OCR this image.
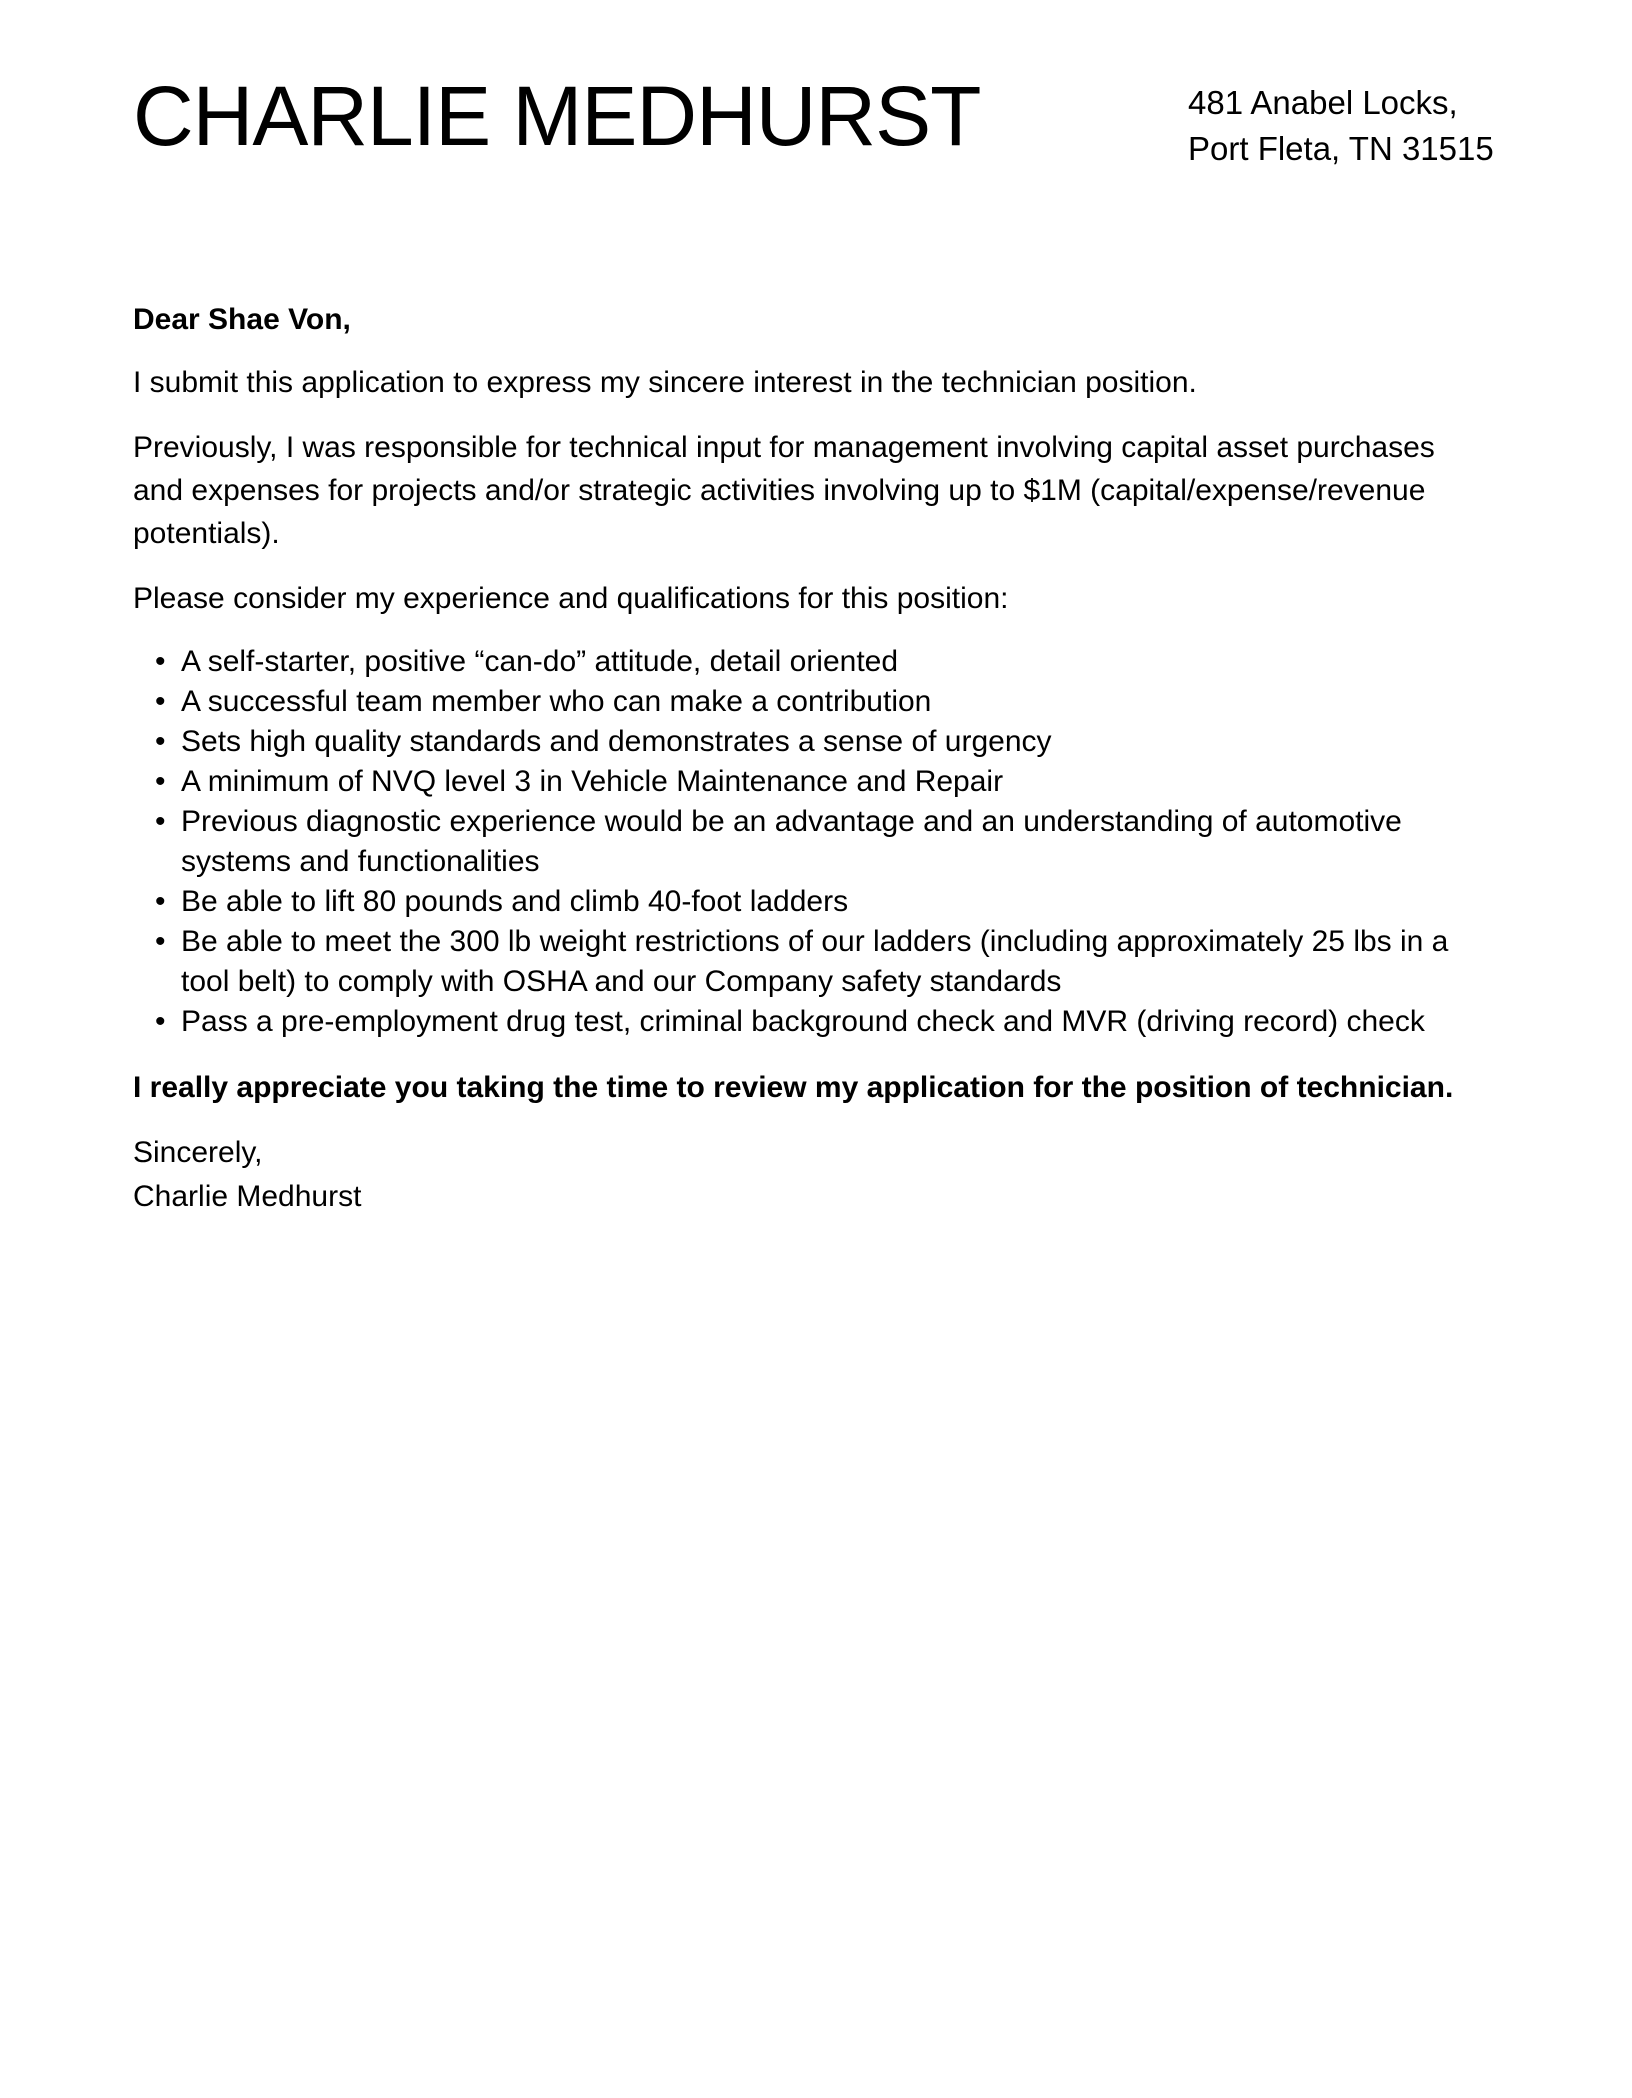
CHARLIE MEDHURST	481 Anabel Locks,
Port Fleta, TN 31515

Dear Shae Von,

I submit this application to express my sincere interest in the technician position.

Previously, I was responsible for technical input for management involving capital asset purchases and expenses for projects and/or strategic activities involving up to $1M (capital/expense/revenue potentials).

Please consider my experience and qualifications for this position:

• A self-starter, positive “can-do” attitude, detail oriented
• A successful team member who can make a contribution
• Sets high quality standards and demonstrates a sense of urgency
• A minimum of NVQ level 3 in Vehicle Maintenance and Repair
• Previous diagnostic experience would be an advantage and an understanding of automotive systems and functionalities
• Be able to lift 80 pounds and climb 40-foot ladders
• Be able to meet the 300 lb weight restrictions of our ladders (including approximately 25 lbs in a tool belt) to comply with OSHA and our Company safety standards
• Pass a pre-employment drug test, criminal background check and MVR (driving record) check

I really appreciate you taking the time to review my application for the position of technician.

Sincerely,
Charlie Medhurst
